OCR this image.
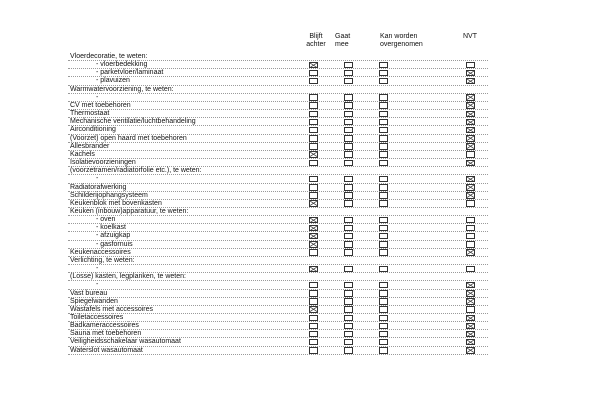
Blijft
achter
Gaat
mee
Kan worden
overgenomen
NVT
Vloerdecoratie, te weten:
- vloerbedekking
- parketvloer/laminaat
- plavuizen
Warmwatervoorziening, te weten:
-
CV met toebehoren
Thermostaat
Mechanische ventilatie/luchtbehandeling
Airconditioning
(Voorzet) open haard met toebehoren
Allesbrander
Kachels
Isolatievoorzieningen
(voorzetramen/radiatorfolie etc.), te weten:
-
Radiatorafwerking
Schilderijophangsysteem
Keukenblok met bovenkasten
Keuken (inbouw)apparatuur, te weten:
- oven
- koelkast
- afzuigkap
- gasfornuis
Keukenaccessoires
Verlichting, te weten:
-
(Losse) kasten, legplanken, te weten:
-
Vast bureau
Spiegelwanden
Wastafels met accessoires
Toiletaccessoires
Badkameraccessoires
Sauna met toebehoren
Veiligheidsschakelaar wasautomaat
Waterslot wasautomaat
